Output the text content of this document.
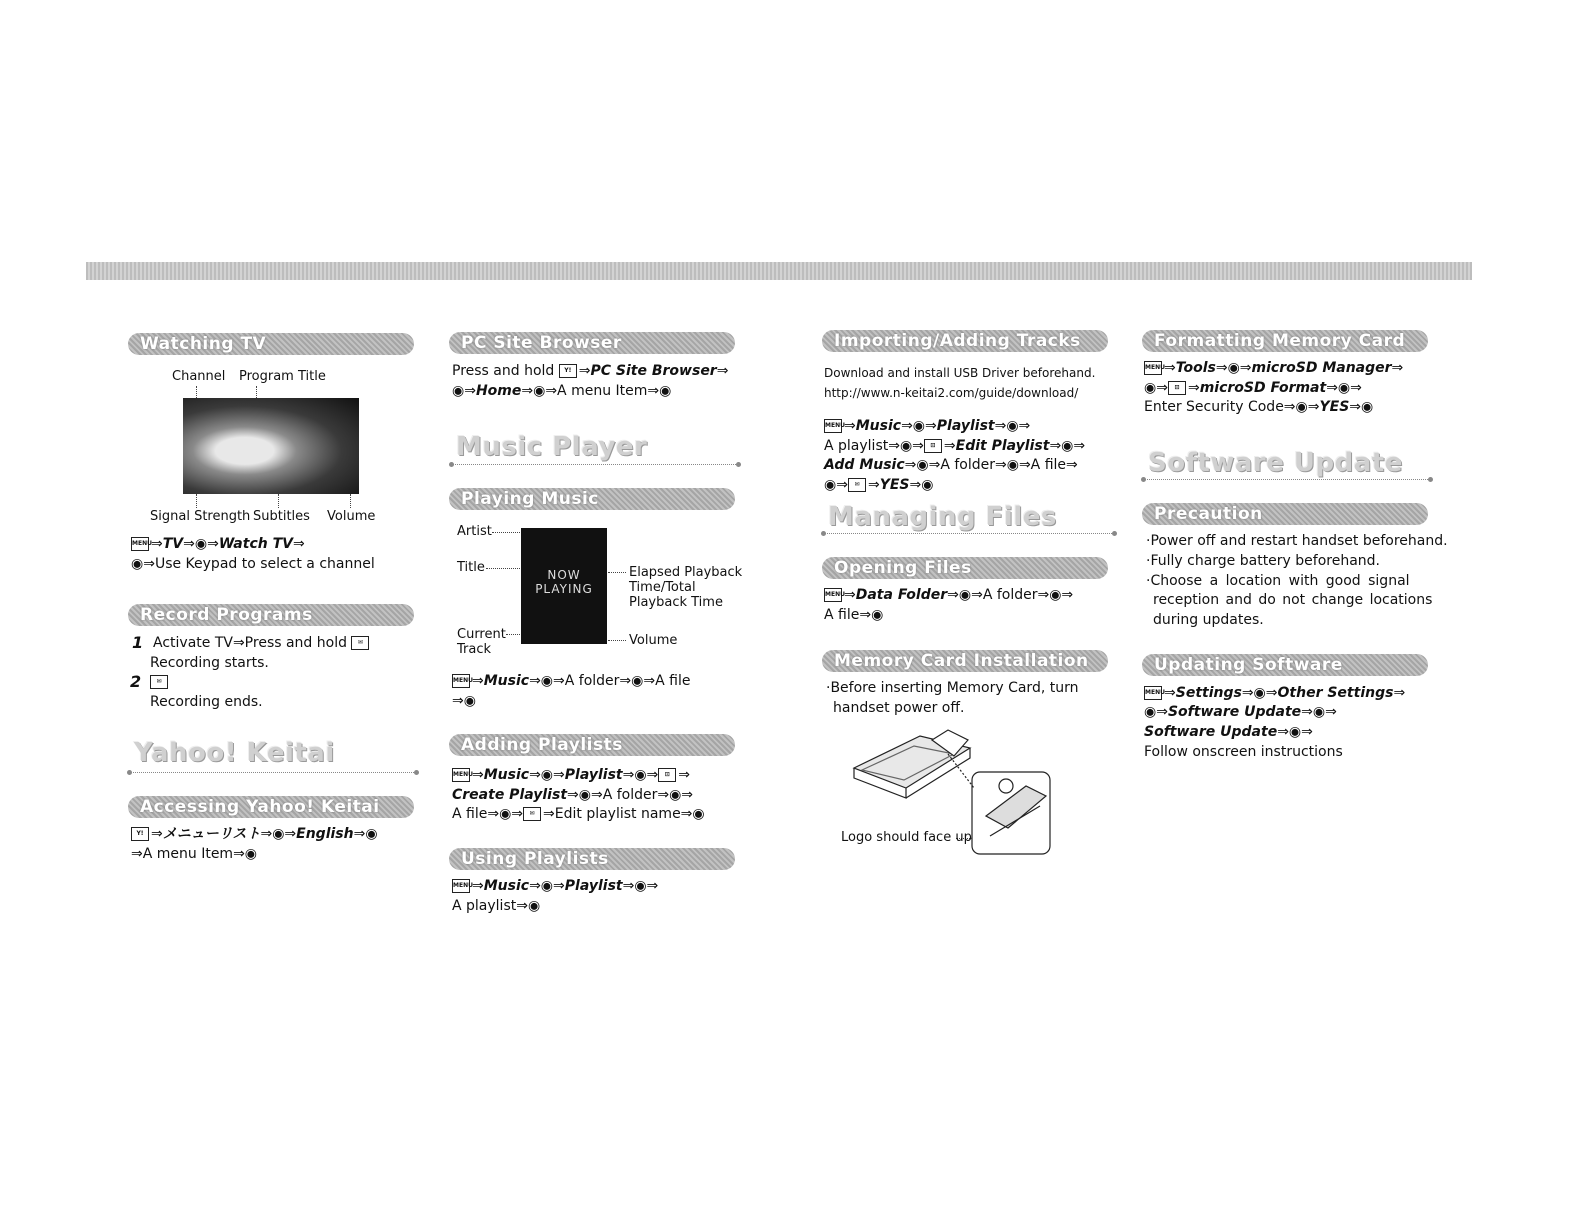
Watching TV
Channel Program Title
Signal Strength Subtitles Volume
MENU⇒TV⇒◉⇒Watch TV⇒
◉⇒Use Keypad to select a channel
Record Programs
1 Activate TV⇒Press and hold ✉
Recording starts.
2	✉
Recording ends.
Yahoo! Keitai
Accessing Yahoo! Keitai
Y! ⇒メニューリスト⇒◉⇒English⇒◉
⇒A menu Item⇒◉
PC Site Browser
Press and hold Y! ⇒PC Site Browser⇒
◉⇒Home⇒◉⇒A menu Item⇒◉
Music Player
Playing Music
Artist
Title	NOW
PLAYING
Current
Track
Elapsed Playback
Time/Total
Playback Time
Volume
MENU⇒Music⇒◉⇒A folder⇒◉⇒A file
⇒◉
Adding Playlists
MENU⇒Music⇒◉⇒Playlist⇒◉⇒ ⊡ ⇒
Create Playlist⇒◉⇒A folder⇒◉⇒
A file⇒◉⇒ ✉ ⇒Edit playlist name⇒◉
Using Playlists
MENU⇒Music⇒◉⇒Playlist⇒◉⇒
A playlist⇒◉
Importing/Adding Tracks
Download and install USB Driver beforehand.
http://www.n-keitai2.com/guide/download/
MENU⇒Music⇒◉⇒Playlist⇒◉⇒
A playlist⇒◉⇒ ⊡ ⇒Edit Playlist⇒◉⇒
Add Music⇒◉⇒A folder⇒◉⇒A file⇒
◉⇒ ✉ ⇒YES⇒◉
Managing Files
Opening Files
MENU⇒Data Folder⇒◉⇒A folder⇒◉⇒
A file⇒◉
Memory Card Installation
·Before inserting Memory Card, turn
handset power off.
Logo should face up
Formatting Memory Card
MENU⇒Tools⇒◉⇒microSD Manager⇒
◉⇒ ⊡ ⇒microSD Format⇒◉⇒
Enter Security Code⇒◉⇒YES⇒◉
Software Update
Precaution
·Power off and restart handset beforehand.
·Fully charge battery beforehand.
·Choose a location with good signal
reception and do not change locations
during updates.
Updating Software
MENU⇒Settings⇒◉⇒Other Settings⇒
◉⇒Software Update⇒◉⇒
Software Update⇒◉⇒
Follow onscreen instructions
